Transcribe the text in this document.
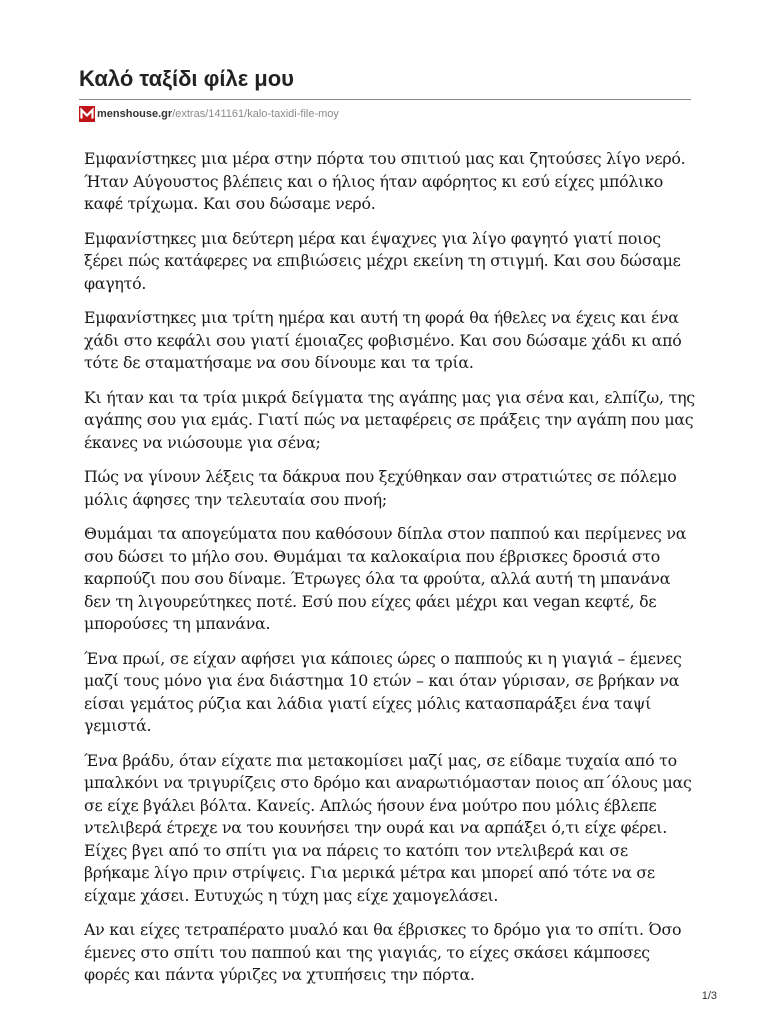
Καλό ταξίδι φίλε μου
menshouse.gr /extras/141161/kalo-taxidi-file-moy

Εμφανίστηκες μια μέρα στην πόρτα του σπιτιού μας και ζητούσες λίγο νερό. Ήταν Αύγουστος βλέπεις και ο ήλιος ήταν αφόρητος κι εσύ είχες μπόλικο καφέ τρίχωμα. Και σου δώσαμε νερό.

Εμφανίστηκες μια δεύτερη μέρα και έψαχνες για λίγο φαγητό γιατί ποιος ξέρει πώς κατάφερες να επιβιώσεις μέχρι εκείνη τη στιγμή. Και σου δώσαμε φαγητό.

Εμφανίστηκες μια τρίτη ημέρα και αυτή τη φορά θα ήθελες να έχεις και ένα χάδι στο κεφάλι σου γιατί έμοιαζες φοβισμένο. Και σου δώσαμε χάδι κι από τότε δε σταματήσαμε να σου δίνουμε και τα τρία.

Κι ήταν και τα τρία μικρά δείγματα της αγάπης μας για σένα και, ελπίζω, της αγάπης σου για εμάς. Γιατί πώς να μεταφέρεις σε πράξεις την αγάπη που μας έκανες να νιώσουμε για σένα;

Πώς να γίνουν λέξεις τα δάκρυα που ξεχύθηκαν σαν στρατιώτες σε πόλεμο μόλις άφησες την τελευταία σου πνοή;

Θυμάμαι τα απογεύματα που καθόσουν δίπλα στον παππού και περίμενες να σου δώσει το μήλο σου. Θυμάμαι τα καλοκαίρια που έβρισκες δροσιά στο καρπούζι που σου δίναμε. Έτρωγες όλα τα φρούτα, αλλά αυτή τη μπανάνα δεν τη λιγουρεύτηκες ποτέ. Εσύ που είχες φάει μέχρι και vegan κεφτέ, δε μπορούσες τη μπανάνα.

Ένα πρωί, σε είχαν αφήσει για κάποιες ώρες ο παππούς κι η γιαγιά – έμενες μαζί τους μόνο για ένα διάστημα 10 ετών – και όταν γύρισαν, σε βρήκαν να είσαι γεμάτος ρύζια και λάδια γιατί είχες μόλις κατασπαράξει ένα ταψί γεμιστά.

Ένα βράδυ, όταν είχατε πια μετακομίσει μαζί μας, σε είδαμε τυχαία από το μπαλκόνι να τριγυρίζεις στο δρόμο και αναρωτιόμασταν ποιος απ΄όλους μας σε είχε βγάλει βόλτα. Κανείς. Απλώς ήσουν ένα μούτρο που μόλις έβλεπε ντελιβερά έτρεχε να του κουνήσει την ουρά και να αρπάξει ό,τι είχε φέρει. Είχες βγει από το σπίτι για να πάρεις το κατόπι τον ντελιβερά και σε βρήκαμε λίγο πριν στρίψεις. Για μερικά μέτρα και μπορεί από τότε να σε είχαμε χάσει. Ευτυχώς η τύχη μας είχε χαμογελάσει.

Αν και είχες τετραπέρατο μυαλό και θα έβρισκες το δρόμο για το σπίτι. Όσο έμενες στο σπίτι του παππού και της γιαγιάς, το είχες σκάσει κάμποσες φορές και πάντα γύριζες να χτυπήσεις την πόρτα.

1/3
